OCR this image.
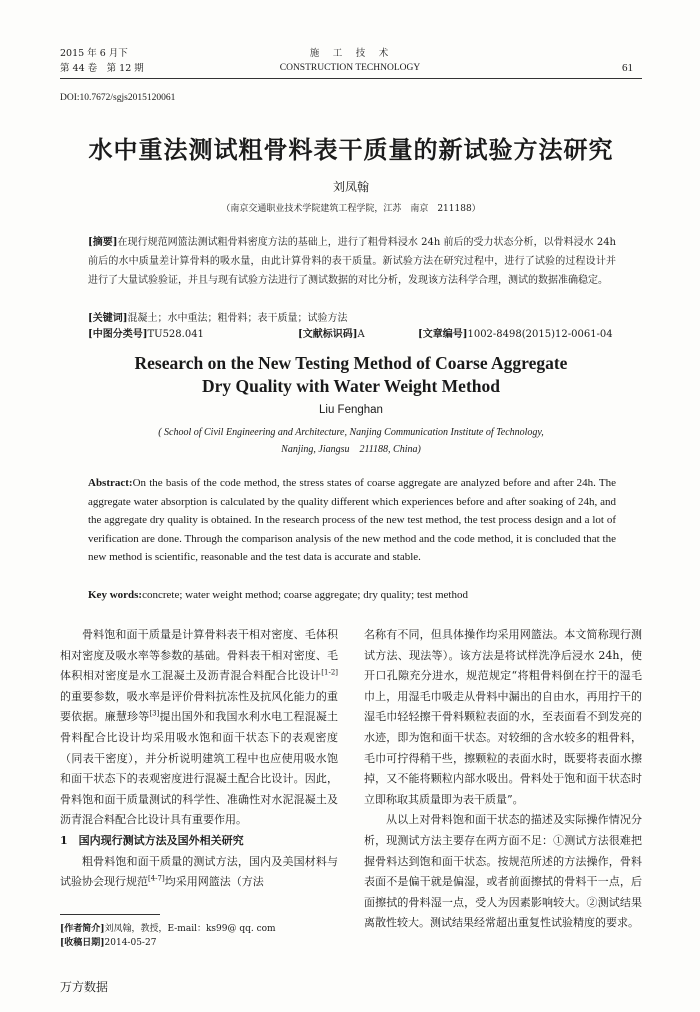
2015 年 6 月下
第 44 卷　第 12 期
施　工　技　术
CONSTRUCTION TECHNOLOGY	61
DOI:10.7672/sgjs2015120061
水中重法测试粗骨料表干质量的新试验方法研究
刘凤翰
（南京交通职业技术学院建筑工程学院，江苏　南京　211188）
[摘要]在现行规范网篮法测试粗骨料密度方法的基础上，进行了粗骨料浸水 24h 前后的受力状态分析，以骨料浸水 24h 前后的水中质量差计算骨料的吸水量，由此计算骨料的表干质量。新试验方法在研究过程中，进行了试验的过程设计并进行了大量试验验证，并且与现有试验方法进行了测试数据的对比分析，发现该方法科学合理，测试的数据准确稳定。
[关键词]混凝土；水中重法；粗骨料；表干质量；试验方法
[中图分类号]TU528.041	[文献标识码]A	[文章编号]1002-8498(2015)12-0061-04
Research on the New Testing Method of Coarse Aggregate
Dry Quality with Water Weight Method
Liu Fenghan
( School of Civil Engineering and Architecture, Nanjing Communication Institute of Technology,
Nanjing, Jiangsu　211188, China)
Abstract:On the basis of the code method, the stress states of coarse aggregate are analyzed before and after 24h. The aggregate water absorption is calculated by the quality different which experiences before and after soaking of 24h, and the aggregate dry quality is obtained. In the research process of the new test method, the test process design and a lot of verification are done. Through the comparison analysis of the new method and the code method, it is concluded that the new method is scientific, reasonable and the test data is accurate and stable.
Key words:concrete; water weight method; coarse aggregate; dry quality; test method

骨料饱和面干质量是计算骨料表干相对密度、毛体积相对密度及吸水率等参数的基础。骨料表干相对密度、毛体积相对密度是水工混凝土及沥青混合料配合比设计[1-2]的重要参数，吸水率是评价骨料抗冻性及抗风化能力的重要依据。廉慧珍等[3]提出国外和我国水利水电工程混凝土骨料配合比设计均采用吸水饱和面干状态下的表观密度（同表干密度），并分析说明建筑工程中也应使用吸水饱和面干状态下的表观密度进行混凝土配合比设计。因此，骨料饱和面干质量测试的科学性、准确性对水泥混凝土及沥青混合料配合比设计具有重要作用。

1　国内现行测试方法及国外相关研究

粗骨料饱和面干质量的测试方法，国内及美国材料与试验协会现行规范[4-7]均采用网篮法（方法

[作者简介]刘凤翰，教授，E-mail：ks99@ qq. com
[收稿日期]2014-05-27

名称有不同，但具体操作均采用网篮法。本文简称现行测试方法、现法等）。该方法是将试样洗净后浸水 24h，使开口孔隙充分进水，规范规定“将粗骨料倒在拧干的湿毛巾上，用湿毛巾吸走从骨料中漏出的自由水，再用拧干的湿毛巾轻轻擦干骨料颗粒表面的水，至表面看不到发亮的水迹，即为饱和面干状态。对较细的含水较多的粗骨料，毛巾可拧得稍干些，擦颗粒的表面水时，既要将表面水擦掉，又不能将颗粒内部水吸出。骨料处于饱和面干状态时立即称取其质量即为表干质量”。

从以上对骨料饱和面干状态的描述及实际操作情况分析，现测试方法主要存在两方面不足：①测试方法很难把握骨料达到饱和面干状态。按规范所述的方法操作，骨料表面不是偏干就是偏湿，或者前面擦拭的骨料干一点，后面擦拭的骨料湿一点，受人为因素影响较大。②测试结果离散性较大。测试结果经常超出重复性试验精度的要求。

万方数据
